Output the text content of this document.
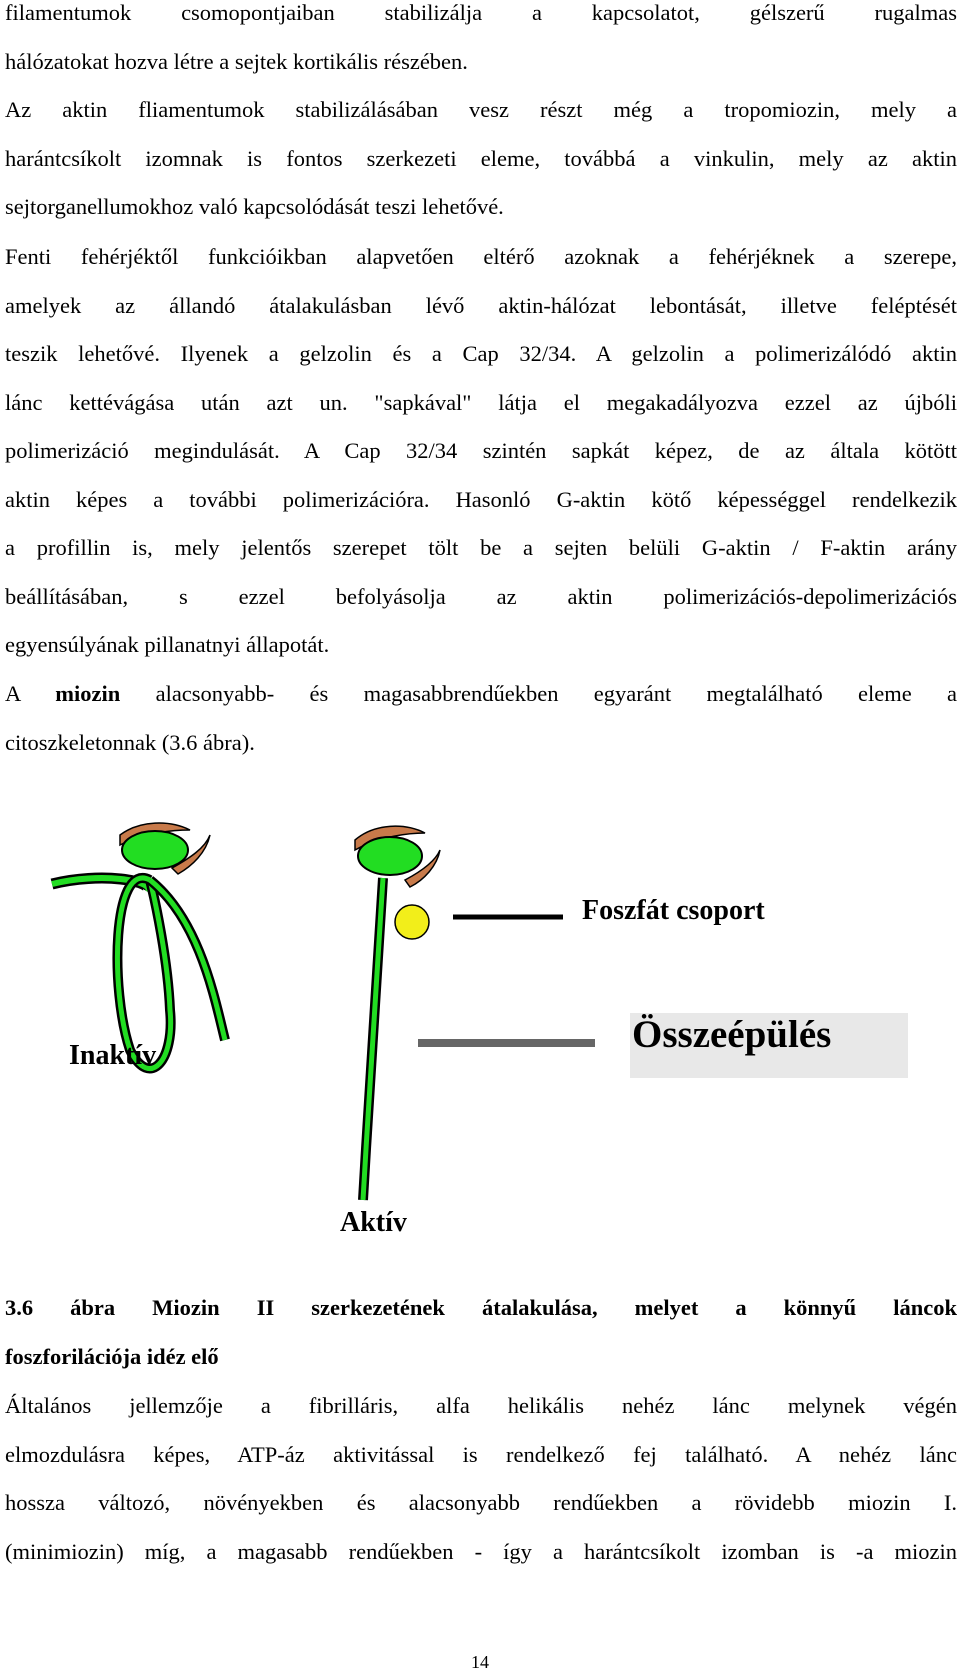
filamentumok csomopontjaiban stabilizálja a kapcsolatot, gélszerű rugalmas
hálózatokat hozva létre a sejtek kortikális részében.
Az aktin fliamentumok stabilizálásában vesz részt még a tropomiozin, mely a
harántcsíkolt izomnak is fontos szerkezeti eleme, továbbá a vinkulin, mely az aktin
sejtorganellumokhoz való kapcsolódását teszi lehetővé.
Fenti fehérjéktől funkcióikban alapvetően eltérő azoknak a fehérjéknek a szerepe,
amelyek az állandó átalakulásban lévő aktin-hálózat lebontását, illetve feléptését
teszik lehetővé. Ilyenek a gelzolin és a Cap 32/34. A gelzolin a polimerizálódó aktin
lánc kettévágása után azt un. "sapkával" látja el megakadályozva ezzel az újbóli
polimerizáció megindulását. A Cap 32/34 szintén sapkát képez, de az általa kötött
aktin képes a további polimerizációra. Hasonló G-aktin kötő képességgel rendelkezik
a profillin is, mely jelentős szerepet tölt be a sejten belüli G-aktin / F-aktin arány
beállításában, s ezzel befolyásolja az aktin polimerizációs-depolimerizációs
egyensúlyának pillanatnyi állapotát.
A miozin alacsonyabb- és magasabbrendűekben egyaránt megtalálható eleme a
citoszkeletonnak (3.6 ábra).
Foszfát csoport
Összeépülés
Inaktív
Aktív
3.6 ábra Miozin II szerkezetének átalakulása, melyet a könnyű láncok
foszforilációja idéz elő
Általános jellemzője a fibrilláris, alfa helikális nehéz lánc melynek végén
elmozdulásra képes, ATP-áz aktivitással is rendelkező fej található. A nehéz lánc
hossza változó, növényekben és alacsonyabb rendűekben a rövidebb miozin I.
(minimiozin) míg, a magasabb rendűekben - így a harántcsíkolt izomban is -a miozin
14
